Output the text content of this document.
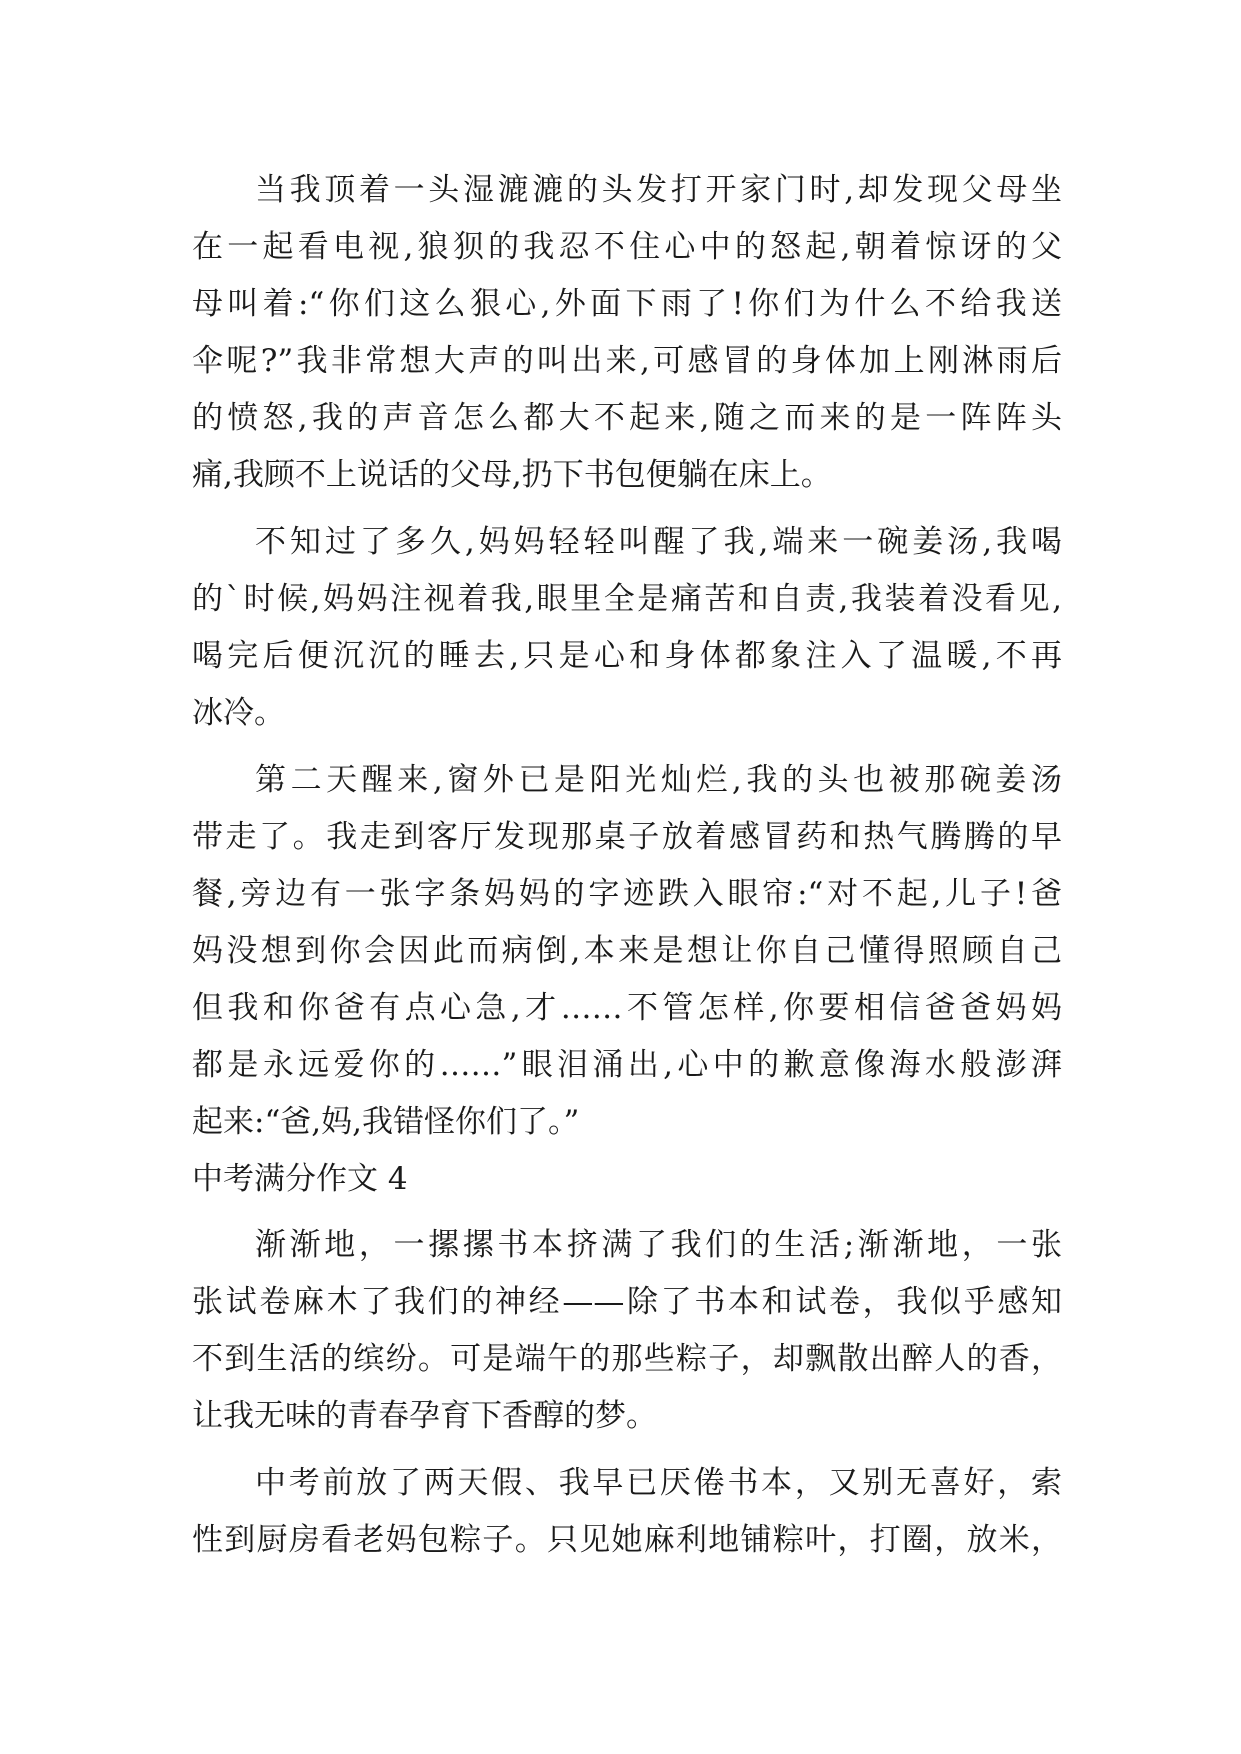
当我顶着一头湿漉漉的头发打开家门时,却发现父母坐
在一起看电视,狼狈的我忍不住心中的怒起,朝着惊讶的父
母叫着:“你们这么狠心,外面下雨了!你们为什么不给我送
伞呢?”我非常想大声的叫出来,可感冒的身体加上刚淋雨后
的愤怒,我的声音怎么都大不起来,随之而来的是一阵阵头
痛,我顾不上说话的父母,扔下书包便躺在床上。
不知过了多久,妈妈轻轻叫醒了我,端来一碗姜汤,我喝
的`时候,妈妈注视着我,眼里全是痛苦和自责,我装着没看见,
喝完后便沉沉的睡去,只是心和身体都象注入了温暖,不再
冰冷。
第二天醒来,窗外已是阳光灿烂,我的头也被那碗姜汤
带走了。我走到客厅发现那桌子放着感冒药和热气腾腾的早
餐,旁边有一张字条妈妈的字迹跌入眼帘:“对不起,儿子!爸
妈没想到你会因此而病倒,本来是想让你自己懂得照顾自己
但我和你爸有点心急,才……不管怎样,你要相信爸爸妈妈
都是永远爱你的……”眼泪涌出,心中的歉意像海水般澎湃
起来:“爸,妈,我错怪你们了。”
中考满分作文 4
渐渐地，一摞摞书本挤满了我们的生活;渐渐地，一张
张试卷麻木了我们的神经——除了书本和试卷，我似乎感知
不到生活的缤纷。可是端午的那些粽子，却飘散出醉人的香，
让我无味的青春孕育下香醇的梦。
中考前放了两天假、我早已厌倦书本，又别无喜好，索
性到厨房看老妈包粽子。只见她麻利地铺粽叶，打圈，放米，
